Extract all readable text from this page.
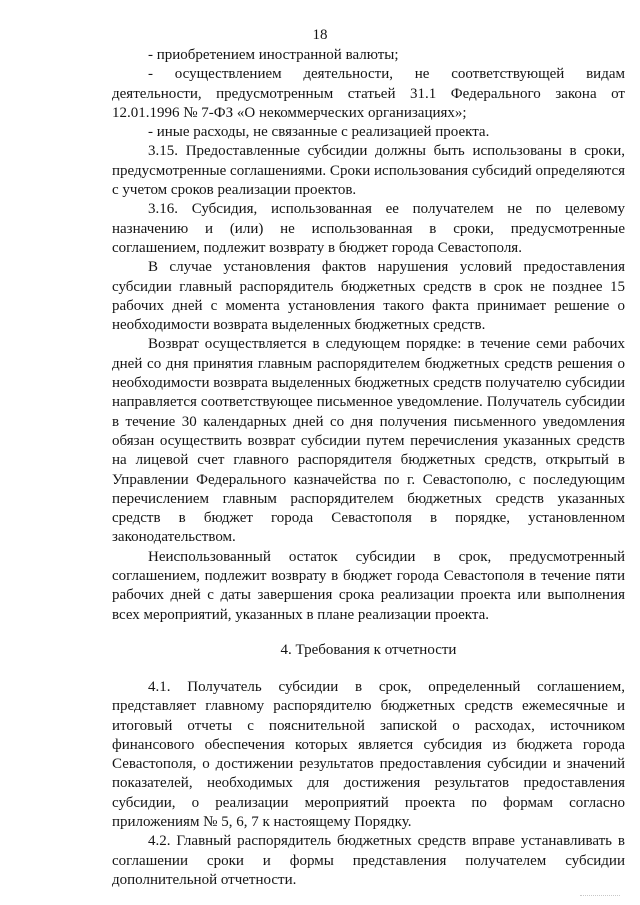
18

- приобретением иностранной валюты;

- осуществлением деятельности, не соответствующей видам деятельности, предусмотренным статьей 31.1 Федерального закона от 12.01.1996 № 7-ФЗ «О некоммерческих организациях»;

- иные расходы, не связанные с реализацией проекта.

3.15. Предоставленные субсидии должны быть использованы в сроки, предусмотренные соглашениями. Сроки использования субсидий определяются с учетом сроков реализации проектов.

3.16. Субсидия, использованная ее получателем не по целевому назначению и (или) не использованная в сроки, предусмотренные соглашением, подлежит возврату в бюджет города Севастополя.

В случае установления фактов нарушения условий предоставления субсидии главный распорядитель бюджетных средств в срок не позднее 15 рабочих дней с момента установления такого факта принимает решение о необходимости возврата выделенных бюджетных средств.

Возврат осуществляется в следующем порядке: в течение семи рабочих дней со дня принятия главным распорядителем бюджетных средств решения о необходимости возврата выделенных бюджетных средств получателю субсидии направляется соответствующее письменное уведомление. Получатель субсидии в течение 30 календарных дней со дня получения письменного уведомления обязан осуществить возврат субсидии путем перечисления указанных средств на лицевой счет главного распорядителя бюджетных средств, открытый в Управлении Федерального казначейства по г. Севастополю, с последующим перечислением главным распорядителем бюджетных средств указанных средств в бюджет города Севастополя в порядке, установленном законодательством.

Неиспользованный остаток субсидии в срок, предусмотренный соглашением, подлежит возврату в бюджет города Севастополя в течение пяти рабочих дней с даты завершения срока реализации проекта или выполнения всех мероприятий, указанных в плане реализации проекта.

4. Требования к отчетности

4.1. Получатель субсидии в срок, определенный соглашением, представляет главному распорядителю бюджетных средств ежемесячные и итоговый отчеты с пояснительной запиской о расходах, источником финансового обеспечения которых является субсидия из бюджета города Севастополя, о достижении результатов предоставления субсидии и значений показателей, необходимых для достижения результатов предоставления субсидии, о реализации мероприятий проекта по формам согласно приложениям № 5, 6, 7 к настоящему Порядку.

4.2. Главный распорядитель бюджетных средств вправе устанавливать в соглашении сроки и формы представления получателем субсидии дополнительной отчетности.
